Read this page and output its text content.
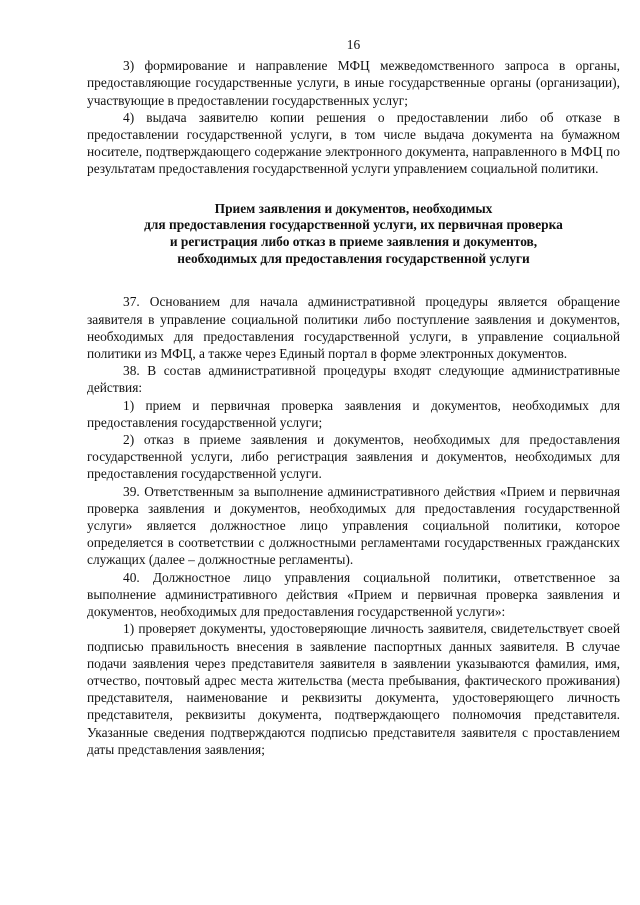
16

3) формирование и направление МФЦ межведомственного запроса в органы, предоставляющие государственные услуги, в иные государственные органы (организации), участвующие в предоставлении государственных услуг;

4) выдача заявителю копии решения о предоставлении либо об отказе в предоставлении государственной услуги, в том числе выдача документа на бумажном носителе, подтверждающего содержание электронного документа, направленного в МФЦ по результатам предоставления государственной услуги управлением социальной политики.

Прием заявления и документов, необходимых
для предоставления государственной услуги, их первичная проверка
и регистрация либо отказ в приеме заявления и документов,
необходимых для предоставления государственной услуги

37. Основанием для начала административной процедуры является обращение заявителя в управление социальной политики либо поступление заявления и документов, необходимых для предоставления государственной услуги, в управление социальной политики из МФЦ, а также через Единый портал в форме электронных документов.

38. В состав административной процедуры входят следующие административные действия:

1) прием и первичная проверка заявления и документов, необходимых для предоставления государственной услуги;

2) отказ в приеме заявления и документов, необходимых для предоставления государственной услуги, либо регистрация заявления и документов, необходимых для предоставления государственной услуги.

39. Ответственным за выполнение административного действия «Прием и первичная проверка заявления и документов, необходимых для предоставления государственной услуги» является должностное лицо управления социальной политики, которое определяется в соответствии с должностными регламентами государственных гражданских служащих (далее – должностные регламенты).

40. Должностное лицо управления социальной политики, ответственное за выполнение административного действия «Прием и первичная проверка заявления и документов, необходимых для предоставления государственной услуги»:

1) проверяет документы, удостоверяющие личность заявителя, свидетельствует своей подписью правильность внесения в заявление паспортных данных заявителя. В случае подачи заявления через представителя заявителя в заявлении указываются фамилия, имя, отчество, почтовый адрес места жительства (места пребывания, фактического проживания) представителя, наименование и реквизиты документа, удостоверяющего личность представителя, реквизиты документа, подтверждающего полномочия представителя. Указанные сведения подтверждаются подписью представителя заявителя с проставлением даты представления заявления;
